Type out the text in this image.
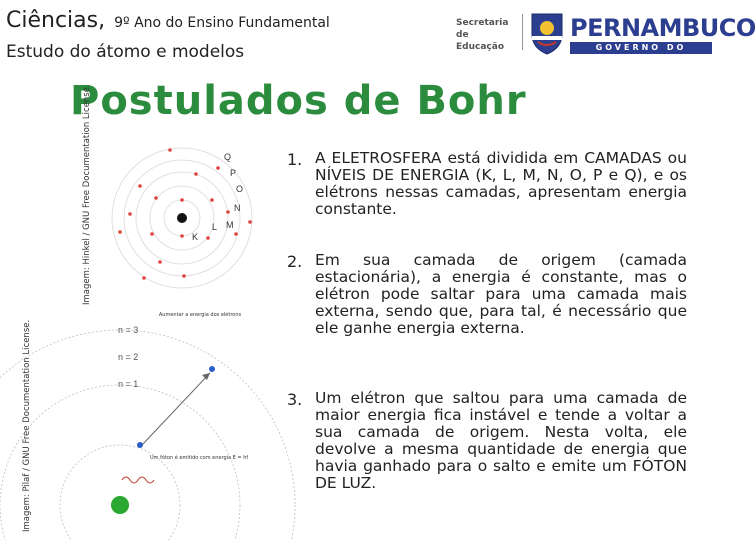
Ciências, 9º Ano do Ensino Fundamental
Estudo do átomo e modelos
Secretaria de Educação
PERNAMBUCO
GOVERNO DO ESTADO
Postulados de Bohr
Imagem: Hinkel / GNU Free Documentation License.
Imagem: Pilaf / GNU Free Documentation License.
Q
P
O
N
M
L
K
n = 3
n = 2
n = 1
Aumentar a energia dos elétrons
Um fóton é emitido com energia E = hf
1. A ELETROSFERA está dividida em CAMADAS ou NÍVEIS DE ENERGIA (K, L, M, N, O, P e Q), e os elétrons nessas camadas, apresentam energia constante.
2. Em sua camada de origem (camada estacionária), a energia é constante, mas o elétron pode saltar para uma camada mais externa, sendo que, para tal, é necessário que ele ganhe energia externa.
3. Um elétron que saltou para uma camada de maior energia fica instável e tende a voltar a sua camada de origem. Nesta volta, ele devolve a mesma quantidade de energia que havia ganhado para o salto e emite um FÓTON DE LUZ.
